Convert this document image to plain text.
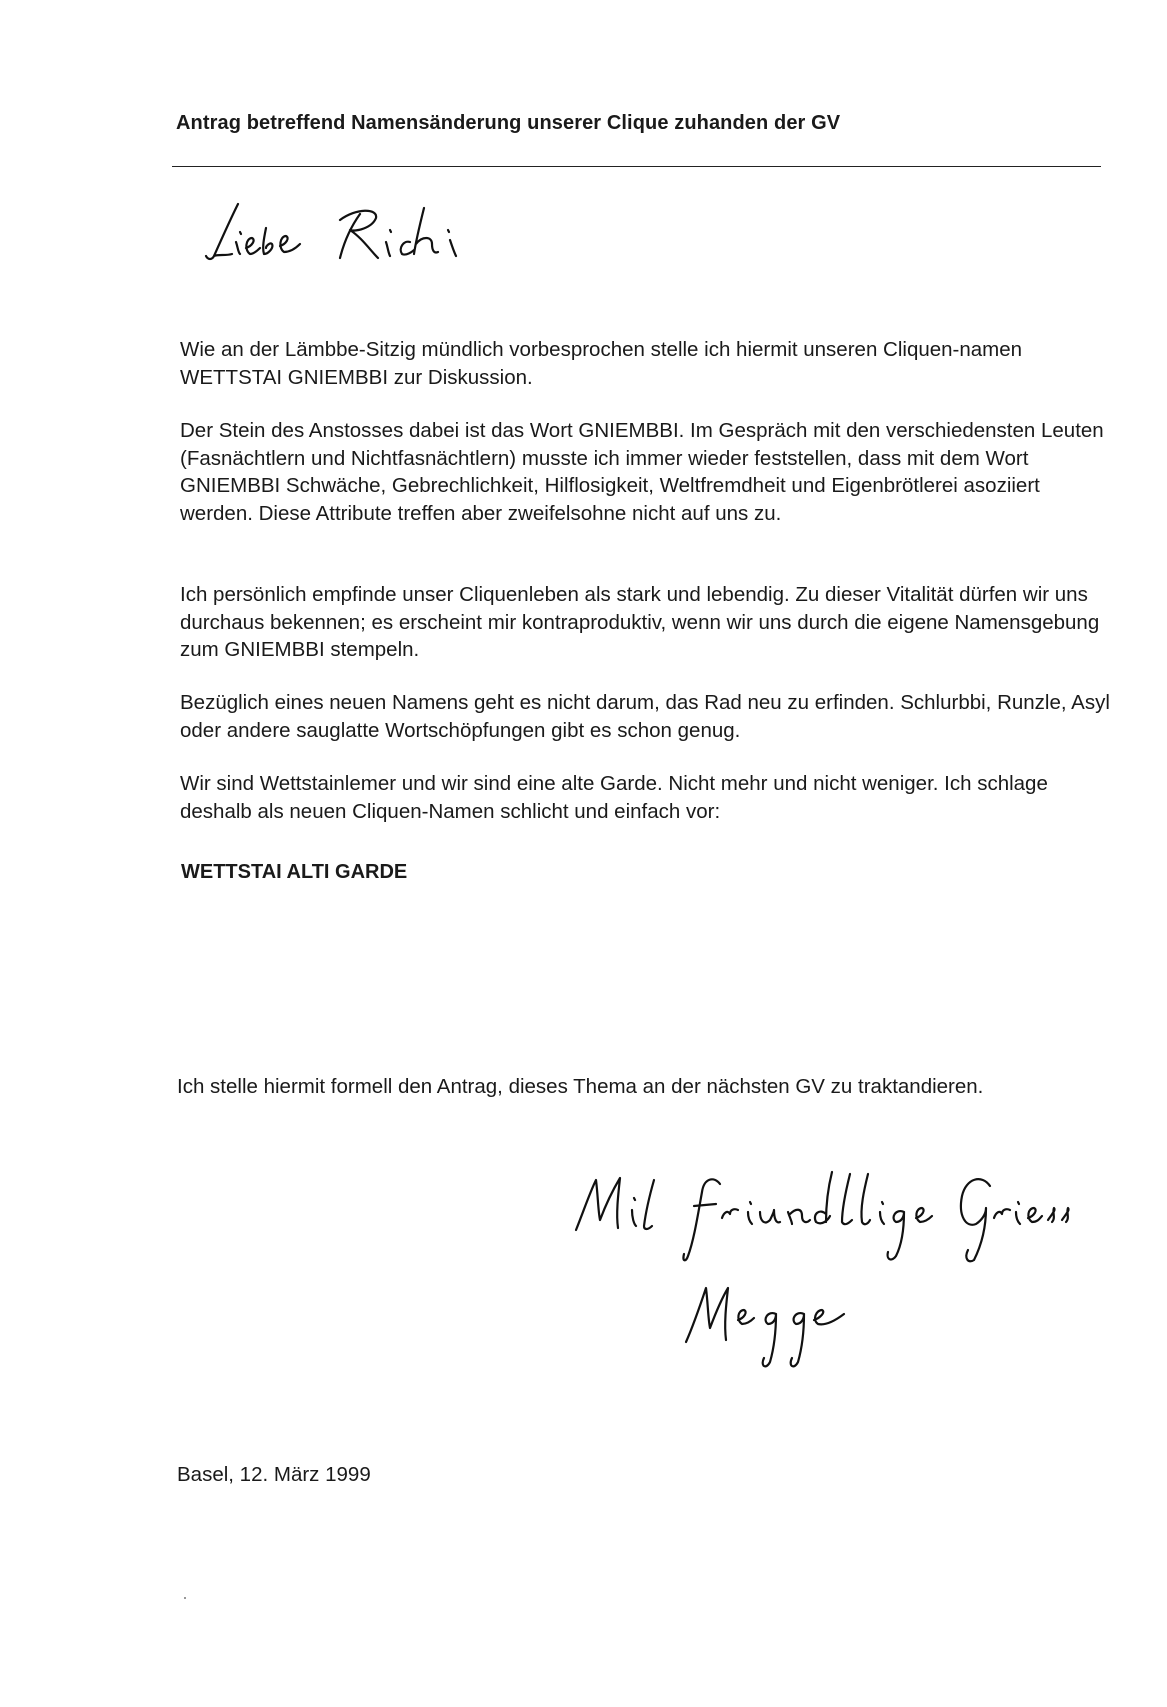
Antrag betreffend Namensänderung unserer Clique zuhanden der GV

Wie an der Lämbbe-Sitzig mündlich vorbesprochen stelle ich hiermit unseren Cliquen-namen WETTSTAI GNIEMBBI zur Diskussion.

Der Stein des Anstosses dabei ist das Wort GNIEMBBI. Im Gespräch mit den verschiedensten Leuten (Fasnächtlern und Nichtfasnächtlern) musste ich immer wieder feststellen, dass mit dem Wort GNIEMBBI Schwäche, Gebrechlichkeit, Hilflosigkeit, Weltfremdheit und Eigenbrötlerei asoziiert werden. Diese Attribute treffen aber zweifelsohne nicht auf uns zu.

Ich persönlich empfinde unser Cliquenleben als stark und lebendig. Zu dieser Vitalität dürfen wir uns durchaus bekennen; es erscheint mir kontraproduktiv, wenn wir uns durch die eigene Namensgebung zum GNIEMBBI stempeln.

Bezüglich eines neuen Namens geht es nicht darum, das Rad neu zu erfinden. Schlurbbi, Runzle, Asyl oder andere sauglatte Wortschöpfungen gibt es schon genug.

Wir sind Wettstainlemer und wir sind eine alte Garde. Nicht mehr und nicht weniger. Ich schlage deshalb als neuen Cliquen-Namen schlicht und einfach vor:

WETTSTAI ALTI GARDE
Ich stelle hiermit formell den Antrag, dieses Thema an der nächsten GV zu traktandieren.
Basel, 12. März 1999
